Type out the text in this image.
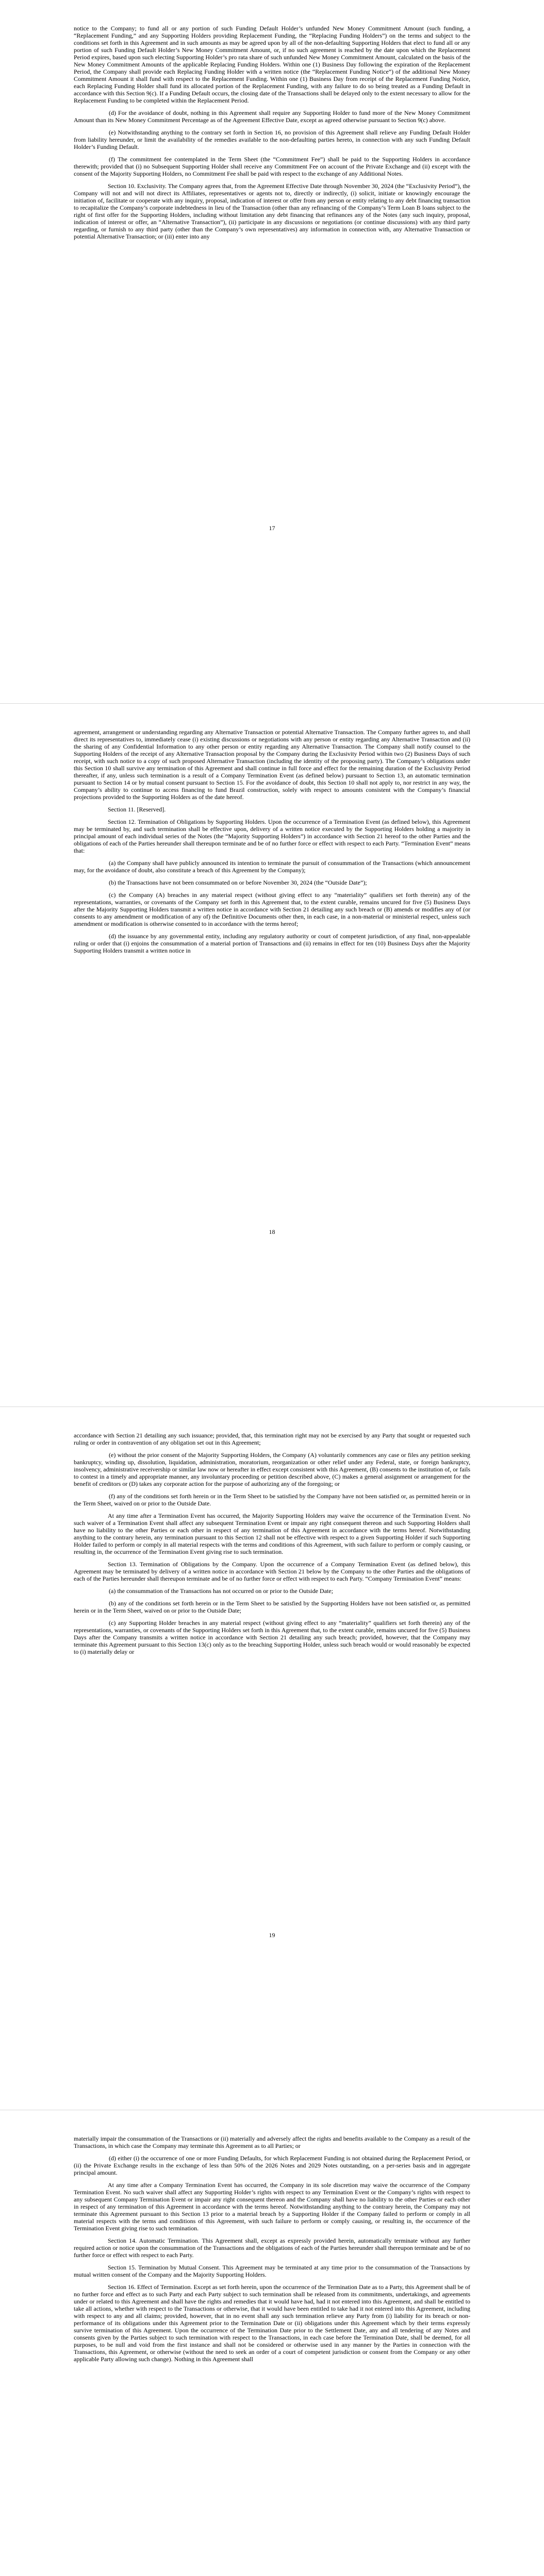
notice to the Company; to fund all or any portion of such Funding Default Holder’s unfunded New Money Commitment Amount (such funding, a “Replacement Funding,” and any Supporting Holders providing Replacement Funding, the “Replacing Funding Holders”) on the terms and subject to the conditions set forth in this Agreement and in such amounts as may be agreed upon by all of the non-defaulting Supporting Holders that elect to fund all or any portion of such Funding Default Holder’s New Money Commitment Amount, or, if no such agreement is reached by the date upon which the Replacement Period expires, based upon such electing Supporting Holder’s pro rata share of such unfunded New Money Commitment Amount, calculated on the basis of the New Money Commitment Amounts of the applicable Replacing Funding Holders. Within one (1) Business Day following the expiration of the Replacement Period, the Company shall provide each Replacing Funding Holder with a written notice (the “Replacement Funding Notice”) of the additional New Money Commitment Amount it shall fund with respect to the Replacement Funding. Within one (1) Business Day from receipt of the Replacement Funding Notice, each Replacing Funding Holder shall fund its allocated portion of the Replacement Funding, with any failure to do so being treated as a Funding Default in accordance with this Section 9(c). If a Funding Default occurs, the closing date of the Transactions shall be delayed only to the extent necessary to allow for the Replacement Funding to be completed within the Replacement Period.

(d) For the avoidance of doubt, nothing in this Agreement shall require any Supporting Holder to fund more of the New Money Commitment Amount than its New Money Commitment Percentage as of the Agreement Effective Date, except as agreed otherwise pursuant to Section 9(c) above.

(e) Notwithstanding anything to the contrary set forth in Section 16, no provision of this Agreement shall relieve any Funding Default Holder from liability hereunder, or limit the availability of the remedies available to the non-defaulting parties hereto, in connection with any such Funding Default Holder’s Funding Default.

(f) The commitment fee contemplated in the Term Sheet (the “Commitment Fee”) shall be paid to the Supporting Holders in accordance therewith; provided that (i) no Subsequent Supporting Holder shall receive any Commitment Fee on account of the Private Exchange and (ii) except with the consent of the Majority Supporting Holders, no Commitment Fee shall be paid with respect to the exchange of any Additional Notes.

Section 10. Exclusivity. The Company agrees that, from the Agreement Effective Date through November 30, 2024 (the “Exclusivity Period”), the Company will not and will not direct its Affiliates, representatives or agents not to, directly or indirectly, (i) solicit, initiate or knowingly encourage the initiation of, facilitate or cooperate with any inquiry, proposal, indication of interest or offer from any person or entity relating to any debt financing transaction to recapitalize the Company’s corporate indebtedness in lieu of the Transaction (other than any refinancing of the Company’s Term Loan B loans subject to the right of first offer for the Supporting Holders, including without limitation any debt financing that refinances any of the Notes (any such inquiry, proposal, indication of interest or offer, an “Alternative Transaction”), (ii) participate in any discussions or negotiations (or continue discussions) with any third party regarding, or furnish to any third party (other than the Company’s own representatives) any information in connection with, any Alternative Transaction or potential Alternative Transaction; or (iii) enter into any

17

agreement, arrangement or understanding regarding any Alternative Transaction or potential Alternative Transaction. The Company further agrees to, and shall direct its representatives to, immediately cease (i) existing discussions or negotiations with any person or entity regarding any Alternative Transaction and (ii) the sharing of any Confidential Information to any other person or entity regarding any Alternative Transaction. The Company shall notify counsel to the Supporting Holders of the receipt of any Alternative Transaction proposal by the Company during the Exclusivity Period within two (2) Business Days of such receipt, with such notice to a copy of such proposed Alternative Transaction (including the identity of the proposing party). The Company’s obligations under this Section 10 shall survive any termination of this Agreement and shall continue in full force and effect for the remaining duration of the Exclusivity Period thereafter, if any, unless such termination is a result of a Company Termination Event (as defined below) pursuant to Section 13, an automatic termination pursuant to Section 14 or by mutual consent pursuant to Section 15. For the avoidance of doubt, this Section 10 shall not apply to, nor restrict in any way, the Company’s ability to continue to access financing to fund Brazil construction, solely with respect to amounts consistent with the Company’s financial projections provided to the Supporting Holders as of the date hereof.

Section 11. [Reserved].

Section 12. Termination of Obligations by Supporting Holders. Upon the occurrence of a Termination Event (as defined below), this Agreement may be terminated by, and such termination shall be effective upon, delivery of a written notice executed by the Supporting Holders holding a majority in principal amount of each individual series of the Notes (the “Majority Supporting Holders”) in accordance with Section 21 hereof to the other Parties and the obligations of each of the Parties hereunder shall thereupon terminate and be of no further force or effect with respect to each Party. “Termination Event” means that:

(a) the Company shall have publicly announced its intention to terminate the pursuit of consummation of the Transactions (which announcement may, for the avoidance of doubt, also constitute a breach of this Agreement by the Company);

(b) the Transactions have not been consummated on or before November 30, 2024 (the “Outside Date”);

(c) the Company (A) breaches in any material respect (without giving effect to any “materiality” qualifiers set forth therein) any of the representations, warranties, or covenants of the Company set forth in this Agreement that, to the extent curable, remains uncured for five (5) Business Days after the Majority Supporting Holders transmit a written notice in accordance with Section 21 detailing any such breach or (B) amends or modifies any of (or consents to any amendment or modification of any of) the Definitive Documents other then, in each case, in a non-material or ministerial respect, unless such amendment or modification is otherwise consented to in accordance with the terms hereof;

(d) the issuance by any governmental entity, including any regulatory authority or court of competent jurisdiction, of any final, non-appealable ruling or order that (i) enjoins the consummation of a material portion of Transactions and (ii) remains in effect for ten (10) Business Days after the Majority Supporting Holders transmit a written notice in

18

accordance with Section 21 detailing any such issuance; provided, that, this termination right may not be exercised by any Party that sought or requested such ruling or order in contravention of any obligation set out in this Agreement;

(e) without the prior consent of the Majority Supporting Holders, the Company (A) voluntarily commences any case or files any petition seeking bankruptcy, winding up, dissolution, liquidation, administration, moratorium, reorganization or other relief under any Federal, state, or foreign bankruptcy, insolvency, administrative receivership or similar law now or hereafter in effect except consistent with this Agreement, (B) consents to the institution of, or fails to contest in a timely and appropriate manner, any involuntary proceeding or petition described above, (C) makes a general assignment or arrangement for the benefit of creditors or (D) takes any corporate action for the purpose of authorizing any of the foregoing; or

(f) any of the conditions set forth herein or in the Term Sheet to be satisfied by the Company have not been satisfied or, as permitted herein or in the Term Sheet, waived on or prior to the Outside Date.

At any time after a Termination Event has occurred, the Majority Supporting Holders may waive the occurrence of the Termination Event. No such waiver of a Termination Event shall affect any subsequent Termination Event or impair any right consequent thereon and such Supporting Holders shall have no liability to the other Parties or each other in respect of any termination of this Agreement in accordance with the terms hereof. Notwithstanding anything to the contrary herein, any termination pursuant to this Section 12 shall not be effective with respect to a given Supporting Holder if such Supporting Holder failed to perform or comply in all material respects with the terms and conditions of this Agreement, with such failure to perform or comply causing, or resulting in, the occurrence of the Termination Event giving rise to such termination.

Section 13. Termination of Obligations by the Company. Upon the occurrence of a Company Termination Event (as defined below), this Agreement may be terminated by delivery of a written notice in accordance with Section 21 below by the Company to the other Parties and the obligations of each of the Parties hereunder shall thereupon terminate and be of no further force or effect with respect to each Party. “Company Termination Event” means:

(a) the consummation of the Transactions has not occurred on or prior to the Outside Date;

(b) any of the conditions set forth herein or in the Term Sheet to be satisfied by the Supporting Holders have not been satisfied or, as permitted herein or in the Term Sheet, waived on or prior to the Outside Date;

(c) any Supporting Holder breaches in any material respect (without giving effect to any “materiality” qualifiers set forth therein) any of the representations, warranties, or covenants of the Supporting Holders set forth in this Agreement that, to the extent curable, remains uncured for five (5) Business Days after the Company transmits a written notice in accordance with Section 21 detailing any such breach; provided, however, that the Company may terminate this Agreement pursuant to this Section 13(c) only as to the breaching Supporting Holder, unless such breach would or would reasonably be expected to (i) materially delay or

19

materially impair the consummation of the Transactions or (ii) materially and adversely affect the rights and benefits available to the Company as a result of the Transactions, in which case the Company may terminate this Agreement as to all Parties; or

(d) either (i) the occurrence of one or more Funding Defaults, for which Replacement Funding is not obtained during the Replacement Period, or (ii) the Private Exchange results in the exchange of less than 50% of the 2026 Notes and 2029 Notes outstanding, on a per-series basis and in aggregate principal amount.

At any time after a Company Termination Event has occurred, the Company in its sole discretion may waive the occurrence of the Company Termination Event. No such waiver shall affect any Supporting Holder’s rights with respect to any Termination Event or the Company’s rights with respect to any subsequent Company Termination Event or impair any right consequent thereon and the Company shall have no liability to the other Parties or each other in respect of any termination of this Agreement in accordance with the terms hereof. Notwithstanding anything to the contrary herein, the Company may not terminate this Agreement pursuant to this Section 13 prior to a material breach by a Supporting Holder if the Company failed to perform or comply in all material respects with the terms and conditions of this Agreement, with such failure to perform or comply causing, or resulting in, the occurrence of the Termination Event giving rise to such termination.

Section 14. Automatic Termination. This Agreement shall, except as expressly provided herein, automatically terminate without any further required action or notice upon the consummation of the Transactions and the obligations of each of the Parties hereunder shall thereupon terminate and be of no further force or effect with respect to each Party.

Section 15. Termination by Mutual Consent. This Agreement may be terminated at any time prior to the consummation of the Transactions by mutual written consent of the Company and the Majority Supporting Holders.

Section 16. Effect of Termination. Except as set forth herein, upon the occurrence of the Termination Date as to a Party, this Agreement shall be of no further force and effect as to such Party and each Party subject to such termination shall be released from its commitments, undertakings, and agreements under or related to this Agreement and shall have the rights and remedies that it would have had, had it not entered into this Agreement, and shall be entitled to take all actions, whether with respect to the Transactions or otherwise, that it would have been entitled to take had it not entered into this Agreement, including with respect to any and all claims; provided, however, that in no event shall any such termination relieve any Party from (i) liability for its breach or non-performance of its obligations under this Agreement prior to the Termination Date or (ii) obligations under this Agreement which by their terms expressly survive termination of this Agreement. Upon the occurrence of the Termination Date prior to the Settlement Date, any and all tendering of any Notes and consents given by the Parties subject to such termination with respect to the Transactions, in each case before the Termination Date, shall be deemed, for all purposes, to be null and void from the first instance and shall not be considered or otherwise used in any manner by the Parties in connection with the Transactions, this Agreement, or otherwise (without the need to seek an order of a court of competent jurisdiction or consent from the Company or any other applicable Party allowing such change). Nothing in this Agreement shall
